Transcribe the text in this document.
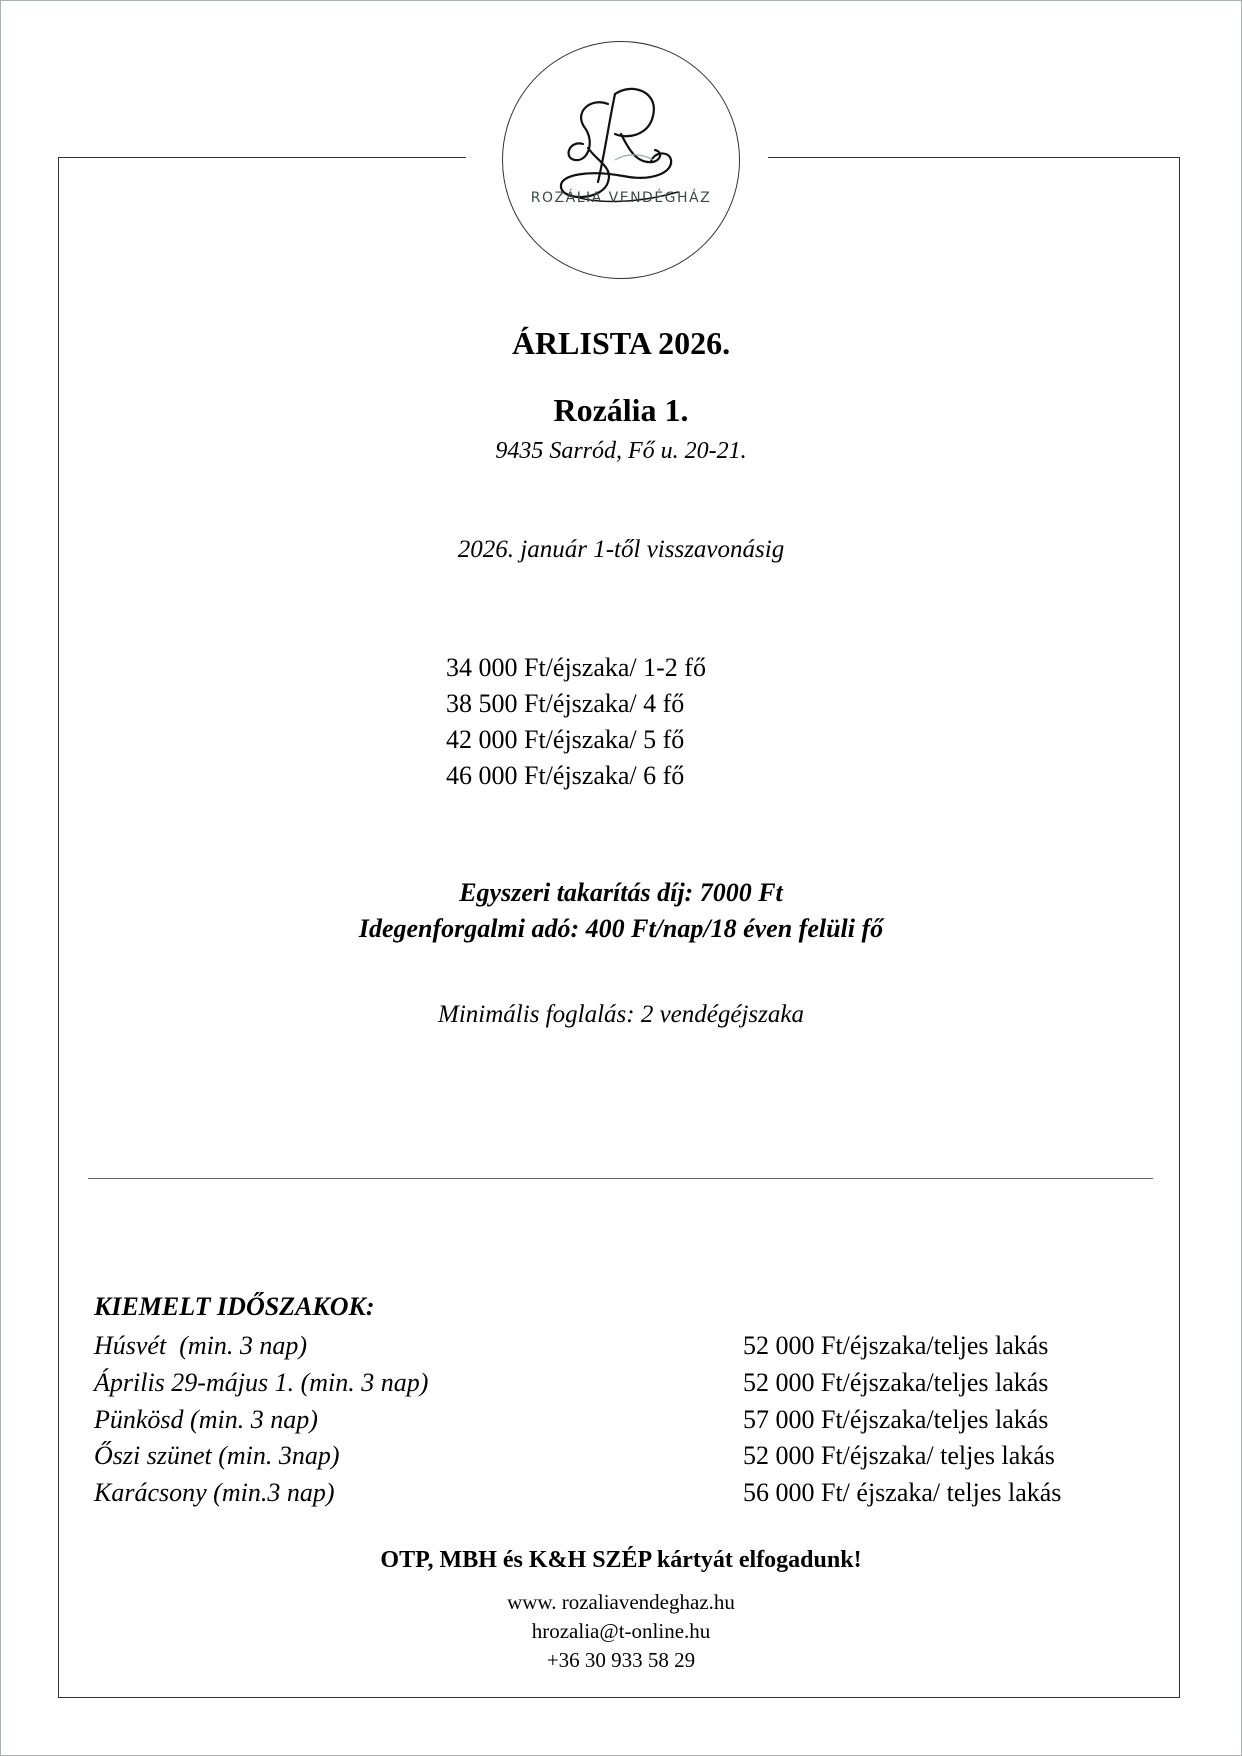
ROZÁLIA VENDÉGHÁZ
ÁRLISTA 2026.
Rozália 1.
9435 Sarród, Fő u. 20-21.
2026. január 1-től visszavonásig
34 000 Ft/éjszaka/ 1-2 fő
38 500 Ft/éjszaka/ 4 fő
42 000 Ft/éjszaka/ 5 fő
46 000 Ft/éjszaka/ 6 fő
Egyszeri takarítás díj: 7000 Ft
Idegenforgalmi adó: 400 Ft/nap/18 éven felüli fő
Minimális foglalás: 2 vendégéjszaka
KIEMELT IDŐSZAKOK:
Húsvét  (min. 3 nap)
Április 29-május 1. (min. 3 nap)
Pünkösd (min. 3 nap)
Őszi szünet (min. 3nap)
Karácsony (min.3 nap)
52 000 Ft/éjszaka/teljes lakás
52 000 Ft/éjszaka/teljes lakás
57 000 Ft/éjszaka/teljes lakás
52 000 Ft/éjszaka/ teljes lakás
56 000 Ft/ éjszaka/ teljes lakás
OTP, MBH és K&H SZÉP kártyát elfogadunk!
www. rozaliavendeghaz.hu
hrozalia@t-online.hu
+36 30 933 58 29
